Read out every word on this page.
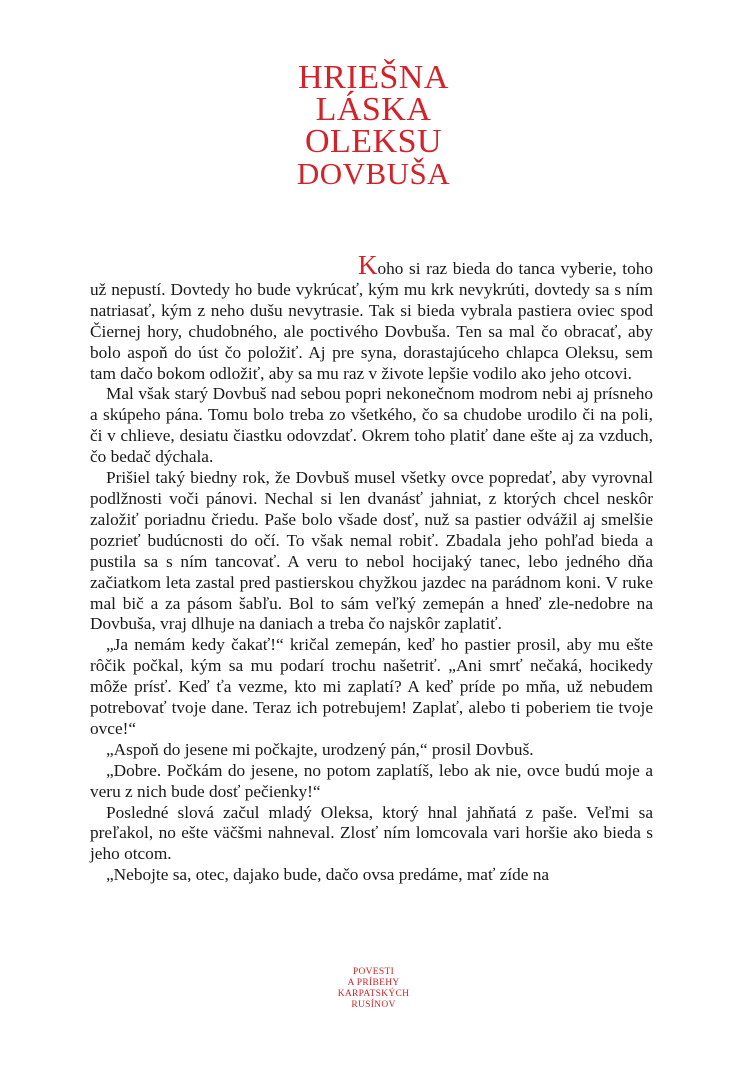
HRIEŠNA
LÁSKA
OLEKSU
DOVBUŠA

Koho si raz bieda do tanca vyberie, toho už nepustí. Dovtedy ho bude vykrúcať, kým mu krk nevykrúti, dovtedy sa s ním natriasať, kým z neho dušu nevytrasie. Tak si bieda vybrala pastiera oviec spod Čiernej hory, chudobného, ale poctivého Dovbuša. Ten sa mal čo obracať, aby bolo aspoň do úst čo položiť. Aj pre syna, dorastajúceho chlapca Oleksu, sem tam dačo bokom odložiť, aby sa mu raz v živote lepšie vodilo ako jeho otcovi.

Mal však starý Dovbuš nad sebou popri nekonečnom modrom nebi aj prísneho a skúpeho pána. Tomu bolo treba zo všetkého, čo sa chudobe urodilo či na poli, či v chlieve, desiatu čiastku odovzdať. Okrem toho platiť dane ešte aj za vzduch, čo bedač dýchala.

Prišiel taký biedny rok, že Dovbuš musel všetky ovce popredať, aby vyrovnal podlžnosti voči pánovi. Nechal si len dvanásť jahniat, z ktorých chcel neskôr založiť poriadnu čriedu. Paše bolo všade dosť, nuž sa pastier odvážil aj smelšie pozrieť budúcnosti do očí. To však nemal robiť. Zbadala jeho pohľad bieda a pustila sa s ním tancovať. A veru to nebol hocijaký tanec, lebo jedného dňa začiatkom leta zastal pred pastierskou chyžkou jazdec na parádnom koni. V ruke mal bič a za pásom šabľu. Bol to sám veľký zemepán a hneď zle-nedobre na Dovbuša, vraj dlhuje na daniach a treba čo najskôr zaplatiť.

„Ja nemám kedy čakať!“ kričal zemepán, keď ho pastier prosil, aby mu ešte rôčik počkal, kým sa mu podarí trochu našetriť. „Ani smrť nečaká, hocikedy môže prísť. Keď ťa vezme, kto mi zaplatí? A keď príde po mňa, už nebudem potrebovať tvoje dane. Teraz ich potrebujem! Zaplať, alebo ti poberiem tie tvoje ovce!“

„Aspoň do jesene mi počkajte, urodzený pán,“ prosil Dovbuš.

„Dobre. Počkám do jesene, no potom zaplatíš, lebo ak nie, ovce budú moje a veru z nich bude dosť pečienky!“

Posledné slová začul mladý Oleksa, ktorý hnal jahňatá z paše. Veľmi sa preľakol, no ešte väčšmi nahneval. Zlosť ním lomcovala vari horšie ako bieda s jeho otcom.

„Nebojte sa, otec, dajako bude, dačo ovsa predáme, mať zíde na

POVESTI
A PRÍBEHY
KARPATSKÝCH
RUSÍNOV
